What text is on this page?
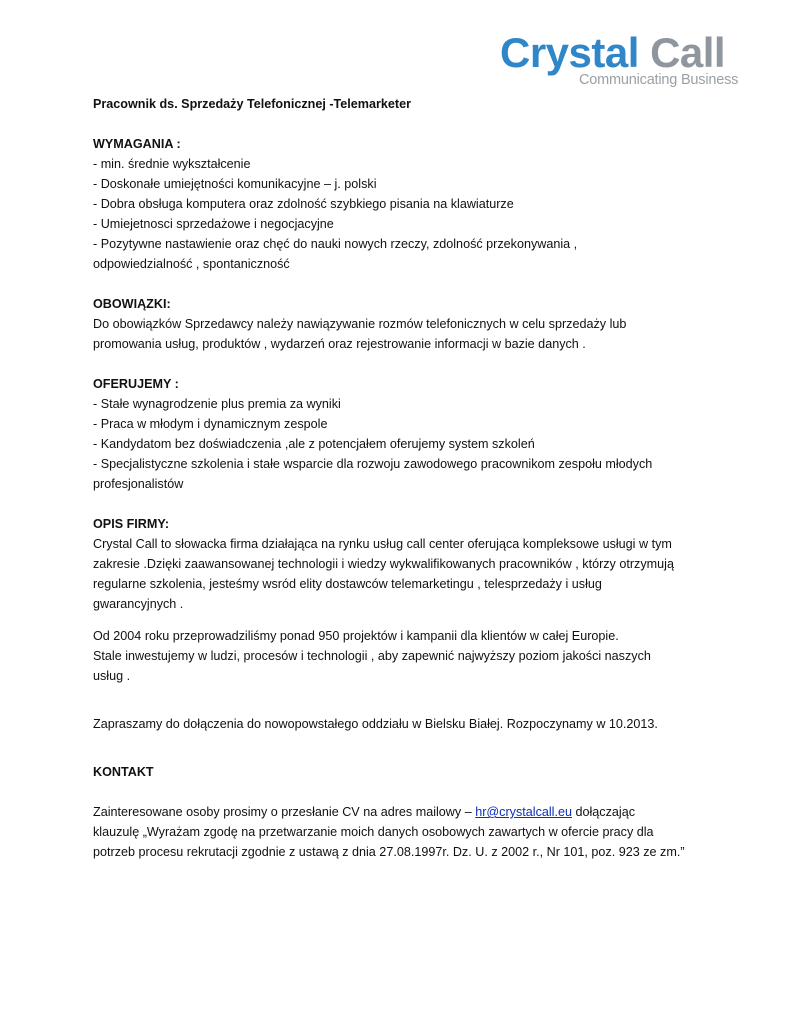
Crystal Call
Communicating Business

Pracownik ds. Sprzedaży Telefonicznej -Telemarketer

WYMAGANIA :

- min. średnie wykształcenie

- Doskonałe umiejętności komunikacyjne – j. polski

- Dobra obsługa komputera oraz zdolność szybkiego pisania na klawiaturze

- Umiejetnosci sprzedażowe i negocjacyjne

- Pozytywne nastawienie oraz chęć do nauki nowych rzeczy, zdolność przekonywania ,

odpowiedzialność , spontaniczność

OBOWIĄZKI:

Do obowiązków Sprzedawcy należy nawiązywanie rozmów telefonicznych w celu sprzedaży lub

promowania usług, produktów , wydarzeń oraz rejestrowanie informacji w bazie danych .

OFERUJEMY :

- Stałe wynagrodzenie plus premia za wyniki

- Praca w młodym i dynamicznym zespole

- Kandydatom bez doświadczenia ,ale z potencjałem oferujemy system szkoleń

- Specjalistyczne szkolenia i stałe wsparcie dla rozwoju zawodowego pracownikom zespołu młodych

profesjonalistów

OPIS FIRMY:

Crystal Call to słowacka firma działająca na rynku usług call center oferująca kompleksowe usługi w tym

zakresie .Dzięki zaawansowanej technologii i wiedzy wykwalifikowanych pracowników , którzy otrzymują

regularne szkolenia, jesteśmy wsród elity dostawców telemarketingu , telesprzedaży i usług

gwarancyjnych .

Od 2004 roku przeprowadziliśmy ponad 950 projektów i kampanii dla klientów w całej Europie.

Stale inwestujemy w ludzi, procesów i technologii , aby zapewnić najwyższy poziom jakości naszych

usług .

Zapraszamy do dołączenia do nowopowstałego oddziału w Bielsku Białej. Rozpoczynamy w 10.2013.

KONTAKT

Zainteresowane osoby prosimy o przesłanie CV na adres mailowy – hr@crystalcall.eu dołączając

klauzulę „Wyrażam zgodę na przetwarzanie moich danych osobowych zawartych w ofercie pracy dla

potrzeb procesu rekrutacji zgodnie z ustawą z dnia 27.08.1997r. Dz. U. z 2002 r., Nr 101, poz. 923 ze zm.”
